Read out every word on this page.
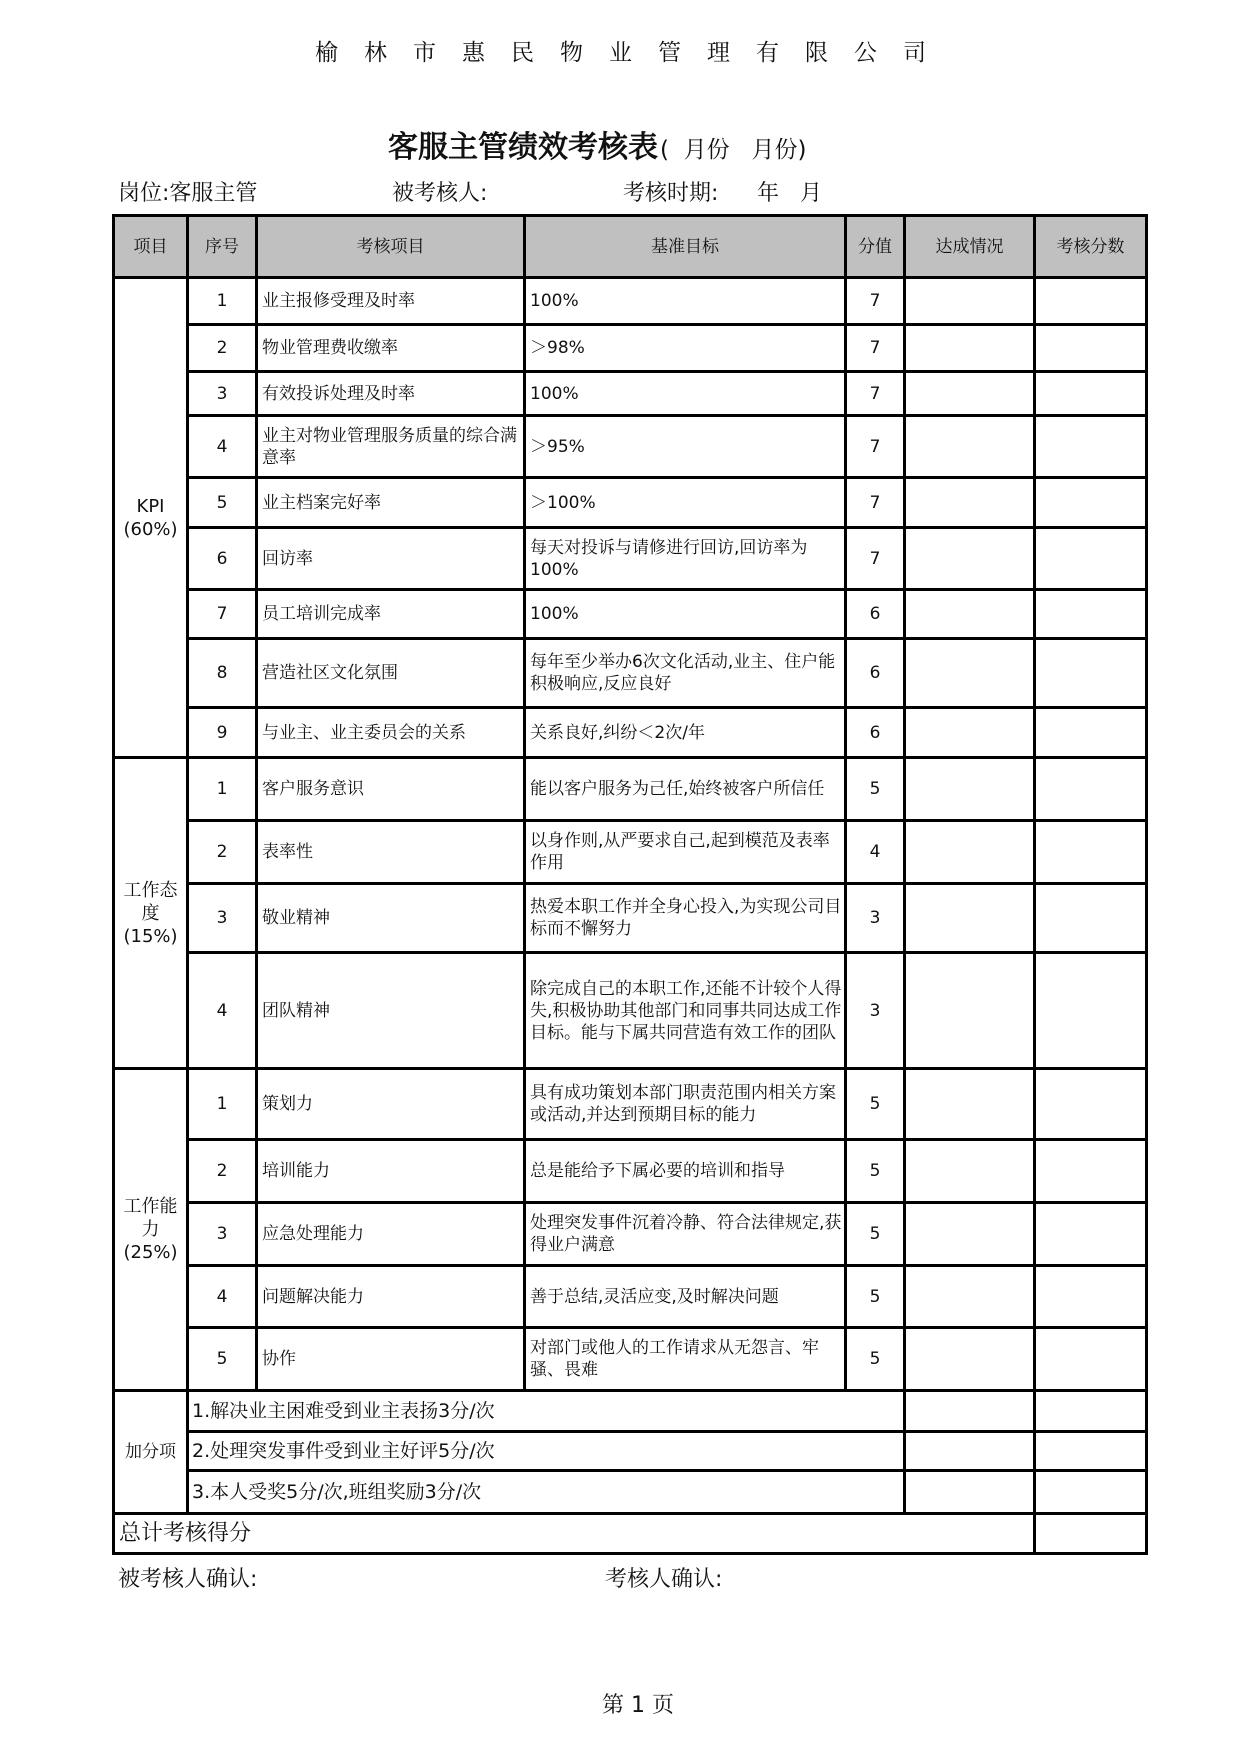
榆林市惠民物业管理有限公司
客服主管绩效考核表(  月份   月份)
岗位:客服主管	被考核人:	考核时期: 年 月
项目	序号	考核项目	基准目标	分值	达成情况	考核分数
KPI
(60%)	1	业主报修受理及时率	100%	7		
	2	物业管理费收缴率	＞98%	7		
	3	有效投诉处理及时率	100%	7		
	4	业主对物业管理服务质量的综合满意率	＞95%	7		
	5	业主档案完好率	＞100%	7		
	6	回访率	每天对投诉与请修进行回访,回访率为100%	7		
	7	员工培训完成率	100%	6		
	8	营造社区文化氛围	每年至少举办6次文化活动,业主、住户能积极响应,反应良好	6		
	9	与业主、业主委员会的关系	关系良好,纠纷＜2次/年	6		
工作态
度
(15%)	1	客户服务意识	能以客户服务为己任,始终被客户所信任	5		
	2	表率性	以身作则,从严要求自己,起到模范及表率作用	4		
	3	敬业精神	热爱本职工作并全身心投入,为实现公司目标而不懈努力	3		
	4	团队精神	除完成自己的本职工作,还能不计较个人得失,积极协助其他部门和同事共同达成工作目标。能与下属共同营造有效工作的团队	3		
工作能
力
(25%)	1	策划力	具有成功策划本部门职责范围内相关方案或活动,并达到预期目标的能力	5		
	2	培训能力	总是能给予下属必要的培训和指导	5		
	3	应急处理能力	处理突发事件沉着冷静、符合法律规定,获得业户满意	5		
	4	问题解决能力	善于总结,灵活应变,及时解决问题	5		
	5	协作	对部门或他人的工作请求从无怨言、牢骚、畏难	5		
加分项	1.解决业主困难受到业主表扬3分/次					
	2.处理突发事件受到业主好评5分/次					
	3.本人受奖5分/次,班组奖励3分/次					
总计考核得分						
被考核人确认:	考核人确认:
第 1 页
